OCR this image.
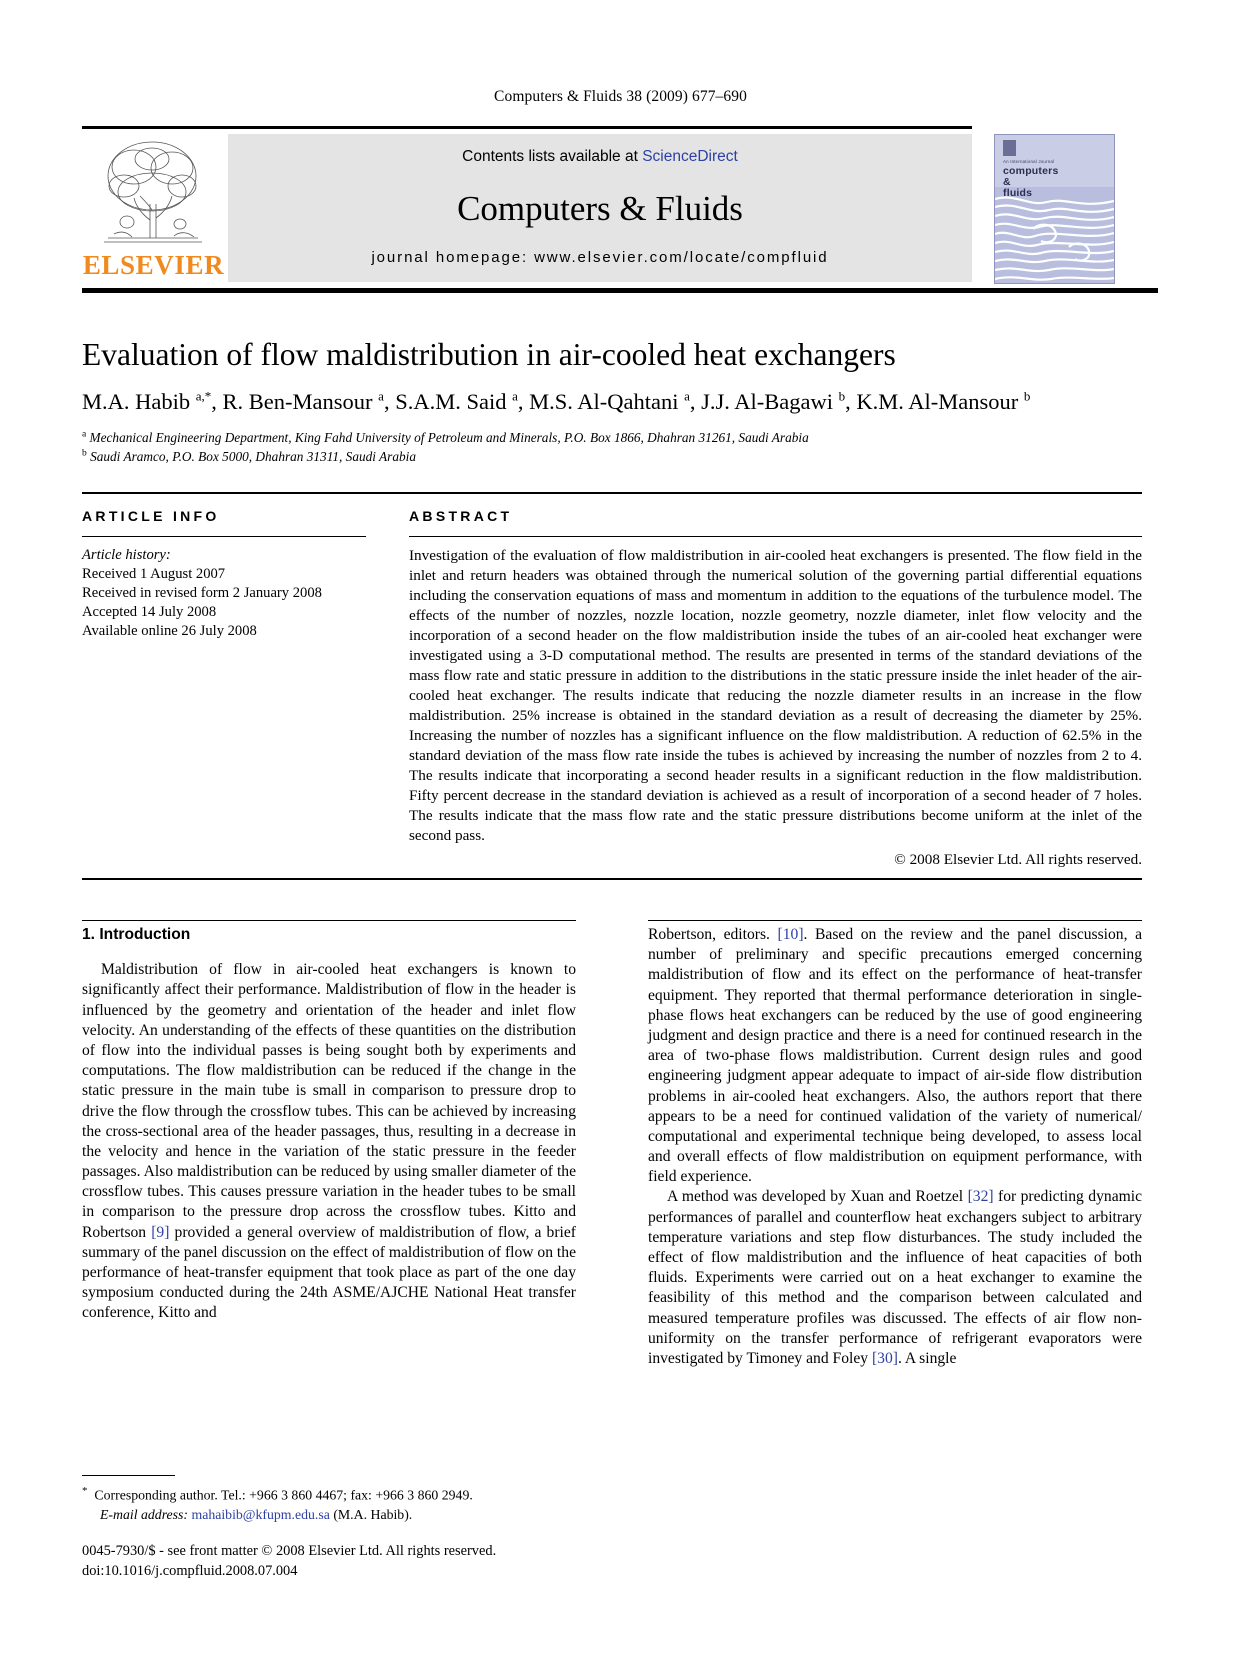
Computers & Fluids 38 (2009) 677–690
ELSEVIER
Contents lists available at ScienceDirect
Computers & Fluids
journal homepage: www.elsevier.com/locate/compfluid
An International Journal
computers
&
fluids
Evaluation of flow maldistribution in air-cooled heat exchangers
M.A. Habib $^{a,*}$, R. Ben-Mansour $^a$, S.A.M. Said $^a$, M.S. Al-Qahtani $^a$, J.J. Al-Bagawi $^b$, K.M. Al-Mansour $^b$
$^a$ Mechanical Engineering Department, King Fahd University of Petroleum and Minerals, P.O. Box 1866, Dhahran 31261, Saudi Arabia
$^b$ Saudi Aramco, P.O. Box 5000, Dhahran 31311, Saudi Arabia
ARTICLE INFO	ABSTRACT
Article history:
Received 1 August 2007
Received in revised form 2 January 2008
Accepted 14 July 2008
Available online 26 July 2008
Investigation of the evaluation of flow maldistribution in air-cooled heat exchangers is presented. The flow field in the inlet and return headers was obtained through the numerical solution of the governing partial differential equations including the conservation equations of mass and momentum in addition to the equations of the turbulence model. The effects of the number of nozzles, nozzle location, nozzle geometry, nozzle diameter, inlet flow velocity and the incorporation of a second header on the flow maldistribution inside the tubes of an air-cooled heat exchanger were investigated using a 3-D computational method. The results are presented in terms of the standard deviations of the mass flow rate and static pressure in addition to the distributions in the static pressure inside the inlet header of the air-cooled heat exchanger. The results indicate that reducing the nozzle diameter results in an increase in the flow maldistribution. 25% increase is obtained in the standard deviation as a result of decreasing the diameter by 25%. Increasing the number of nozzles has a significant influence on the flow maldistribution. A reduction of 62.5% in the standard deviation of the mass flow rate inside the tubes is achieved by increasing the number of nozzles from 2 to 4. The results indicate that incorporating a second header results in a significant reduction in the flow maldistribution. Fifty percent decrease in the standard deviation is achieved as a result of incorporation of a second header of 7 holes. The results indicate that the mass flow rate and the static pressure distributions become uniform at the inlet of the second pass.
© 2008 Elsevier Ltd. All rights reserved.
1. Introduction

Maldistribution of flow in air-cooled heat exchangers is known to significantly affect their performance. Maldistribution of flow in the header is influenced by the geometry and orientation of the header and inlet flow velocity. An understanding of the effects of these quantities on the distribution of flow into the individual passes is being sought both by experiments and computations. The flow maldistribution can be reduced if the change in the static pressure in the main tube is small in comparison to pressure drop to drive the flow through the crossflow tubes. This can be achieved by increasing the cross-sectional area of the header passages, thus, resulting in a decrease in the velocity and hence in the variation of the static pressure in the feeder passages. Also maldistribution can be reduced by using smaller diameter of the crossflow tubes. This causes pressure variation in the header tubes to be small in comparison to the pressure drop across the crossflow tubes. Kitto and Robertson [9] provided a general overview of maldistribution of flow, a brief summary of the panel discussion on the effect of maldistribution of flow on the performance of heat-transfer equipment that took place as part of the one day symposium conducted during the 24th ASME/AJCHE National Heat transfer conference, Kitto and

Robertson, editors. [10]. Based on the review and the panel discussion, a number of preliminary and specific precautions emerged concerning maldistribution of flow and its effect on the performance of heat-transfer equipment. They reported that thermal performance deterioration in single-phase flows heat exchangers can be reduced by the use of good engineering judgment and design practice and there is a need for continued research in the area of two-phase flows maldistribution. Current design rules and good engineering judgment appear adequate to impact of air-side flow distribution problems in air-cooled heat exchangers. Also, the authors report that there appears to be a need for continued validation of the variety of numerical/ computational and experimental technique being developed, to assess local and overall effects of flow maldistribution on equipment performance, with field experience.

A method was developed by Xuan and Roetzel [32] for predicting dynamic performances of parallel and counterflow heat exchangers subject to arbitrary temperature variations and step flow disturbances. The study included the effect of flow maldistribution and the influence of heat capacities of both fluids. Experiments were carried out on a heat exchanger to examine the feasibility of this method and the comparison between calculated and measured temperature profiles was discussed. The effects of air flow non-uniformity on the transfer performance of refrigerant evaporators were investigated by Timoney and Foley [30]. A single

* Corresponding author. Tel.: +966 3 860 4467; fax: +966 3 860 2949.
E-mail address: mahaibib@kfupm.edu.sa (M.A. Habib).
0045-7930/$ - see front matter © 2008 Elsevier Ltd. All rights reserved.
doi:10.1016/j.compfluid.2008.07.004
